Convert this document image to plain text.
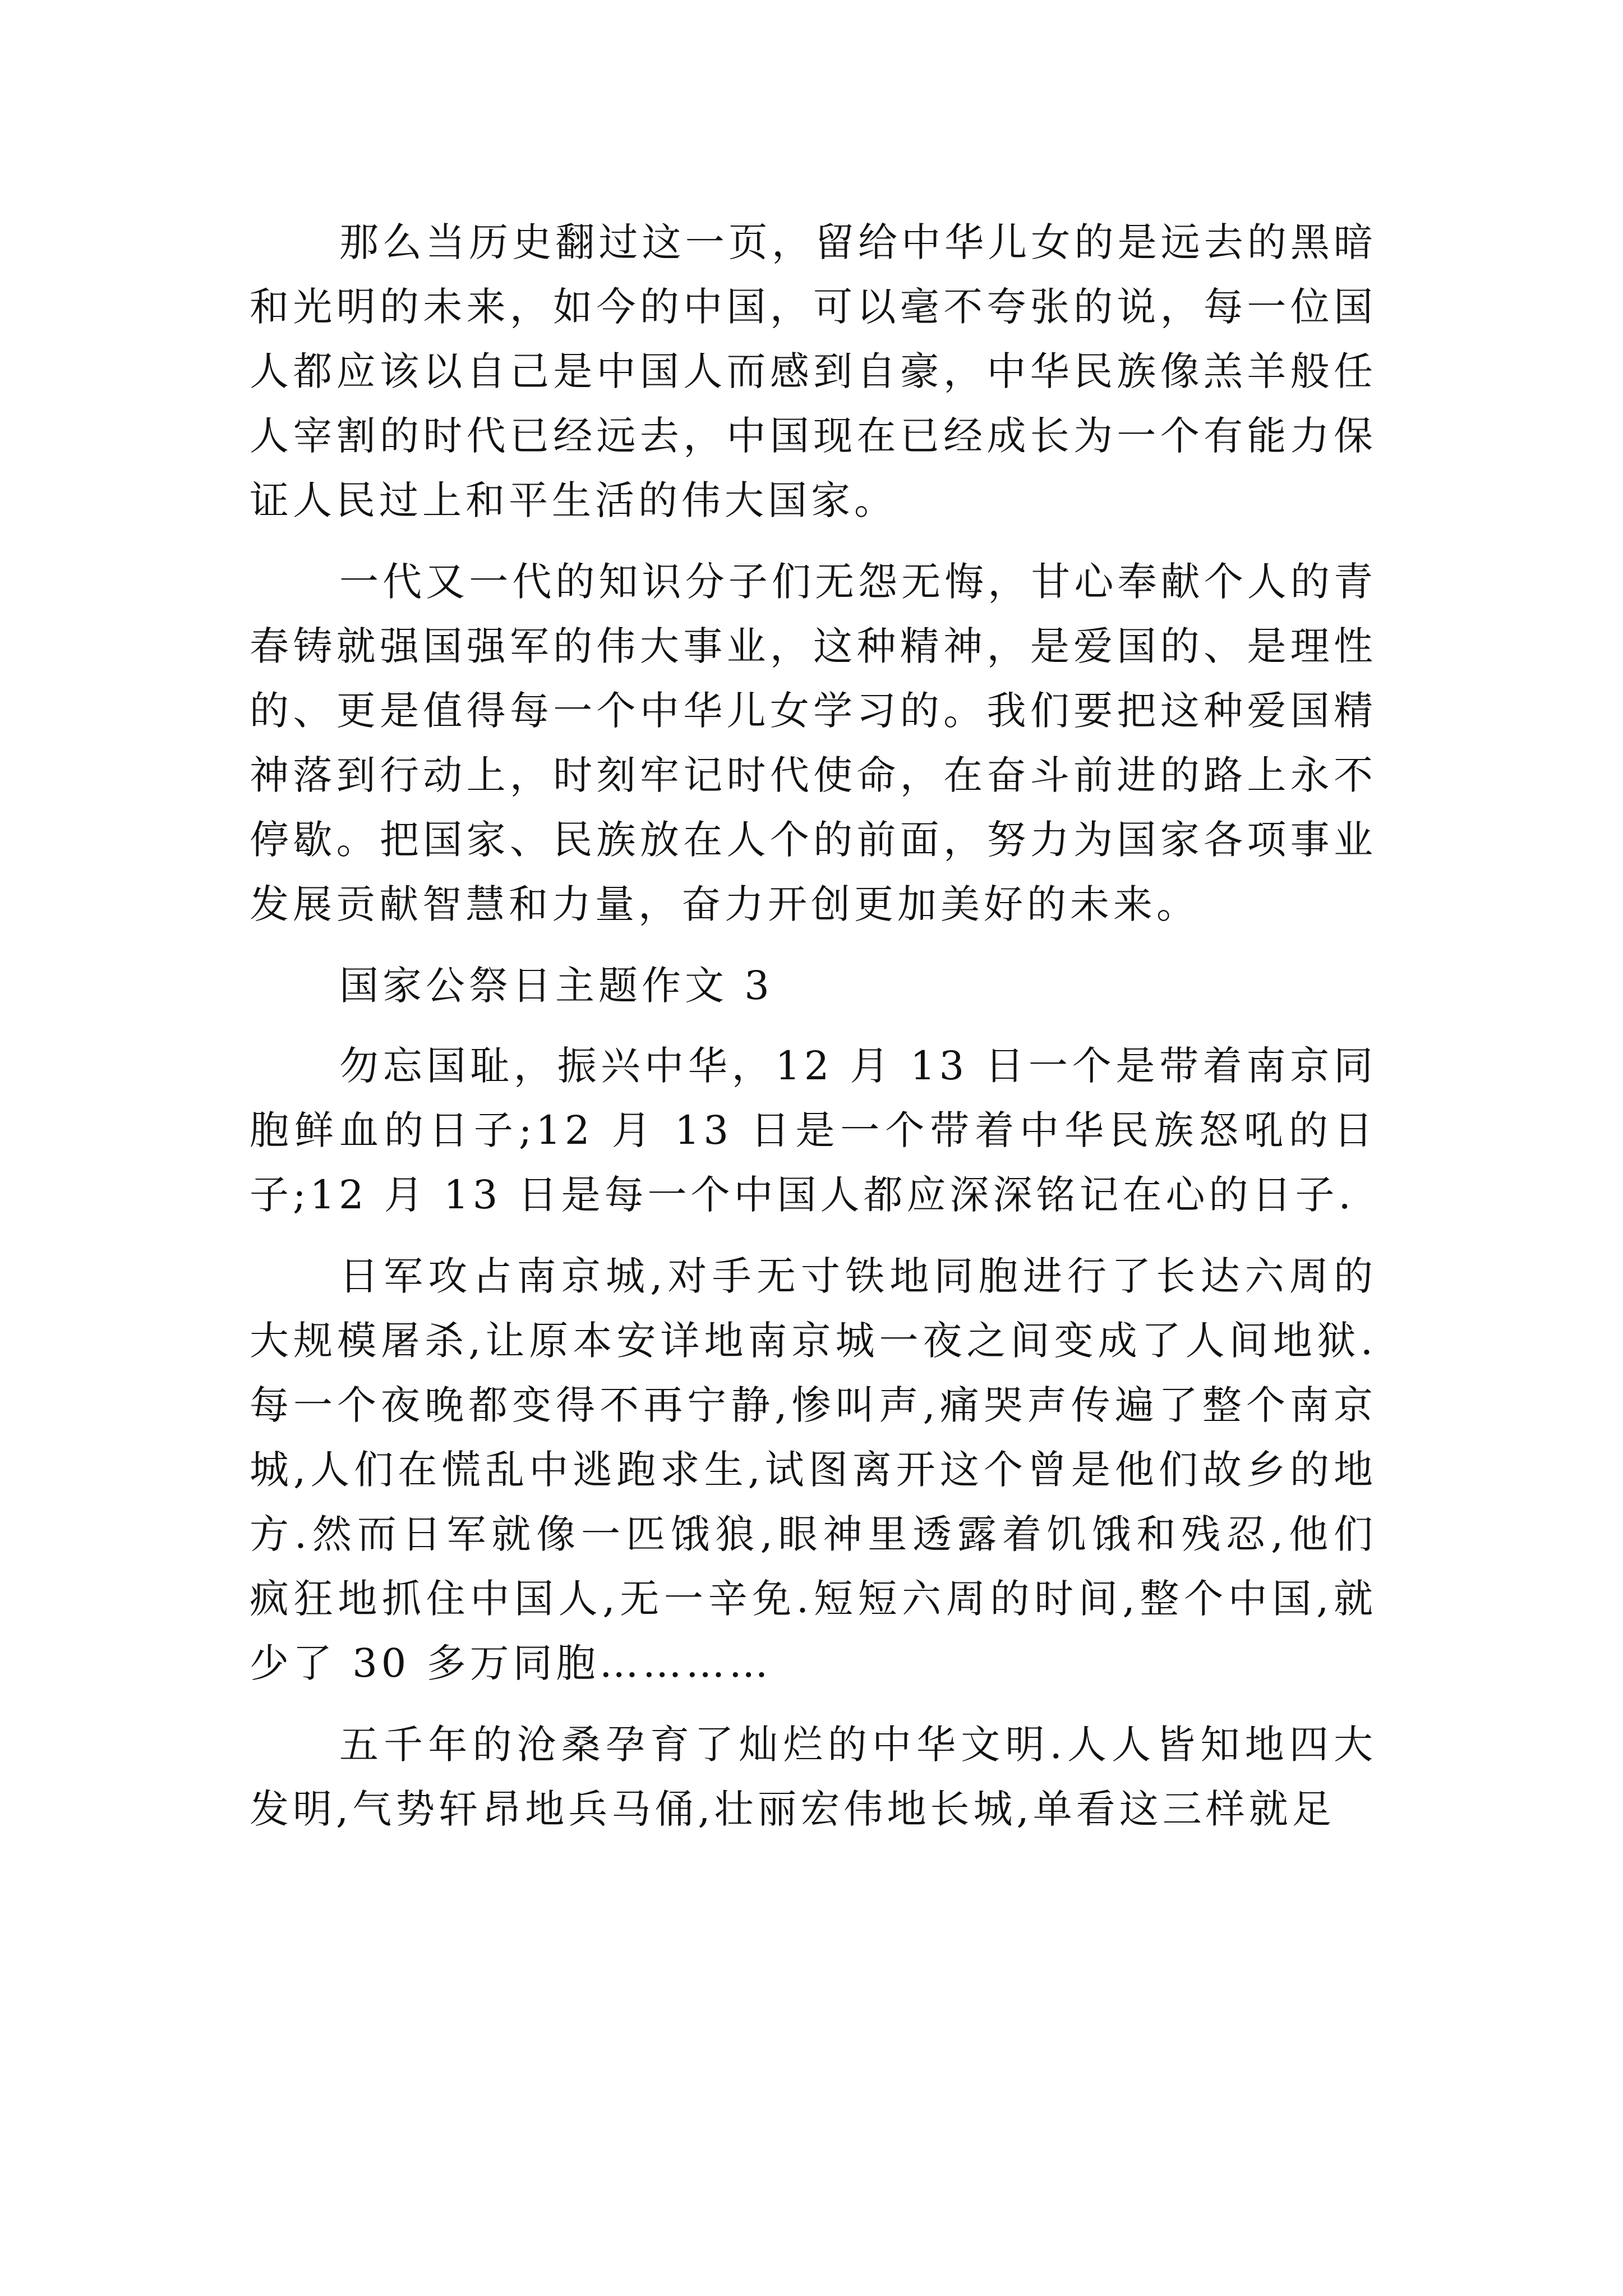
那么当历史翻过这一页，留给中华儿女的是远去的黑暗和光明的未来，如今的中国，可以毫不夸张的说，每一位国人都应该以自己是中国人而感到自豪，中华民族像羔羊般任人宰割的时代已经远去，中国现在已经成长为一个有能力保证人民过上和平生活的伟大国家。

一代又一代的知识分子们无怨无悔，甘心奉献个人的青春铸就强国强军的伟大事业，这种精神，是爱国的、是理性的、更是值得每一个中华儿女学习的。我们要把这种爱国精神落到行动上，时刻牢记时代使命，在奋斗前进的路上永不停歇。把国家、民族放在人个的前面，努力为国家各项事业发展贡献智慧和力量，奋力开创更加美好的未来。

国家公祭日主题作文 3

勿忘国耻，振兴中华，12 月 13 日一个是带着南京同胞鲜血的日子;12 月 13 日是一个带着中华民族怒吼的日子;12 月 13 日是每一个中国人都应深深铭记在心的日子.

日军攻占南京城,对手无寸铁地同胞进行了长达六周的大规模屠杀,让原本安详地南京城一夜之间变成了人间地狱.每一个夜晚都变得不再宁静,惨叫声,痛哭声传遍了整个南京城,人们在慌乱中逃跑求生,试图离开这个曾是他们故乡的地方.然而日军就像一匹饿狼,眼神里透露着饥饿和残忍,他们疯狂地抓住中国人,无一辛免.短短六周的时间,整个中国,就少了 30 多万同胞…………

五千年的沧桑孕育了灿烂的中华文明.人人皆知地四大发明,气势轩昂地兵马俑,壮丽宏伟地长城,单看这三样就足
